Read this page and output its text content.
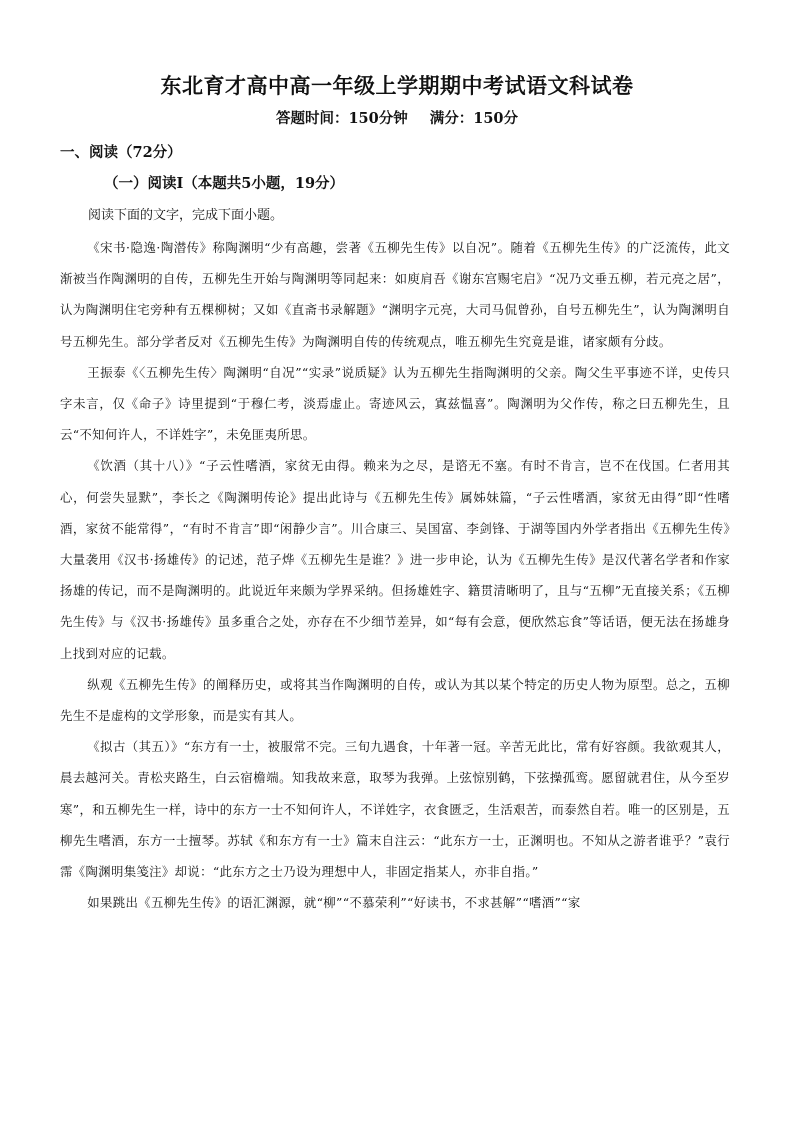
东北育才高中高一年级上学期期中考试语文科试卷
答题时间：150分钟 满分：150分
一、阅读（72分）
（一）阅读Ⅰ（本题共5小题，19分）
阅读下面的文字，完成下面小题。

《宋书·隐逸·陶潜传》称陶渊明“少有高趣，尝著《五柳先生传》以自况”。随着《五柳先生传》的广泛流传，此文渐被当作陶渊明的自传，五柳先生开始与陶渊明等同起来：如庾肩吾《谢东宫赐宅启》“况乃文垂五柳，若元亮之居”，认为陶渊明住宅旁种有五棵柳树；又如《直斋书录解题》“渊明字元亮，大司马侃曾孙，自号五柳先生”，认为陶渊明自号五柳先生。部分学者反对《五柳先生传》为陶渊明自传的传统观点，唯五柳先生究竟是谁，诸家颇有分歧。

王振泰《〈五柳先生传〉陶渊明“自况”“实录”说质疑》认为五柳先生指陶渊明的父亲。陶父生平事迹不详，史传只字未言，仅《命子》诗里提到“于穆仁考，淡焉虚止。寄迹风云，寘兹愠喜”。陶渊明为父作传，称之曰五柳先生，且云“不知何许人，不详姓字”，未免匪夷所思。

《饮酒（其十八）》“子云性嗜酒，家贫无由得。赖来为之尽，是谘无不塞。有时不肯言，岂不在伐国。仁者用其心，何尝失显默”，李长之《陶渊明传论》提出此诗与《五柳先生传》属姊妹篇，“子云性嗜酒，家贫无由得”即“性嗜酒，家贫不能常得”，“有时不肯言”即“闲静少言”。川合康三、吴国富、李剑锋、于湖等国内外学者指出《五柳先生传》大量袭用《汉书·扬雄传》的记述，范子烨《五柳先生是谁？》进一步申论，认为《五柳先生传》是汉代著名学者和作家扬雄的传记，而不是陶渊明的。此说近年来颇为学界采纳。但扬雄姓字、籍贯清晰明了，且与“五柳”无直接关系；《五柳先生传》与《汉书·扬雄传》虽多重合之处，亦存在不少细节差异，如“每有会意，便欣然忘食”等话语，便无法在扬雄身上找到对应的记载。

纵观《五柳先生传》的阐释历史，或将其当作陶渊明的自传，或认为其以某个特定的历史人物为原型。总之，五柳先生不是虚构的文学形象，而是实有其人。

《拟古（其五）》“东方有一士，被服常不完。三旬九遇食，十年著一冠。辛苦无此比，常有好容颜。我欲观其人，晨去越河关。青松夹路生，白云宿檐端。知我故来意，取琴为我弹。上弦惊别鹤，下弦操孤鸾。愿留就君住，从今至岁寒”，和五柳先生一样，诗中的东方一士不知何许人，不详姓字，衣食匮乏，生活艰苦，而泰然自若。唯一的区别是，五柳先生嗜酒，东方一士擅琴。苏轼《和东方有一士》篇末自注云：“此东方一士，正渊明也。不知从之游者谁乎？”袁行霈《陶渊明集笺注》却说：“此东方之士乃设为理想中人，非固定指某人，亦非自指。”

如果跳出《五柳先生传》的语汇渊源，就“柳”“不慕荣利”“好读书，不求甚解”“嗜酒”“家
